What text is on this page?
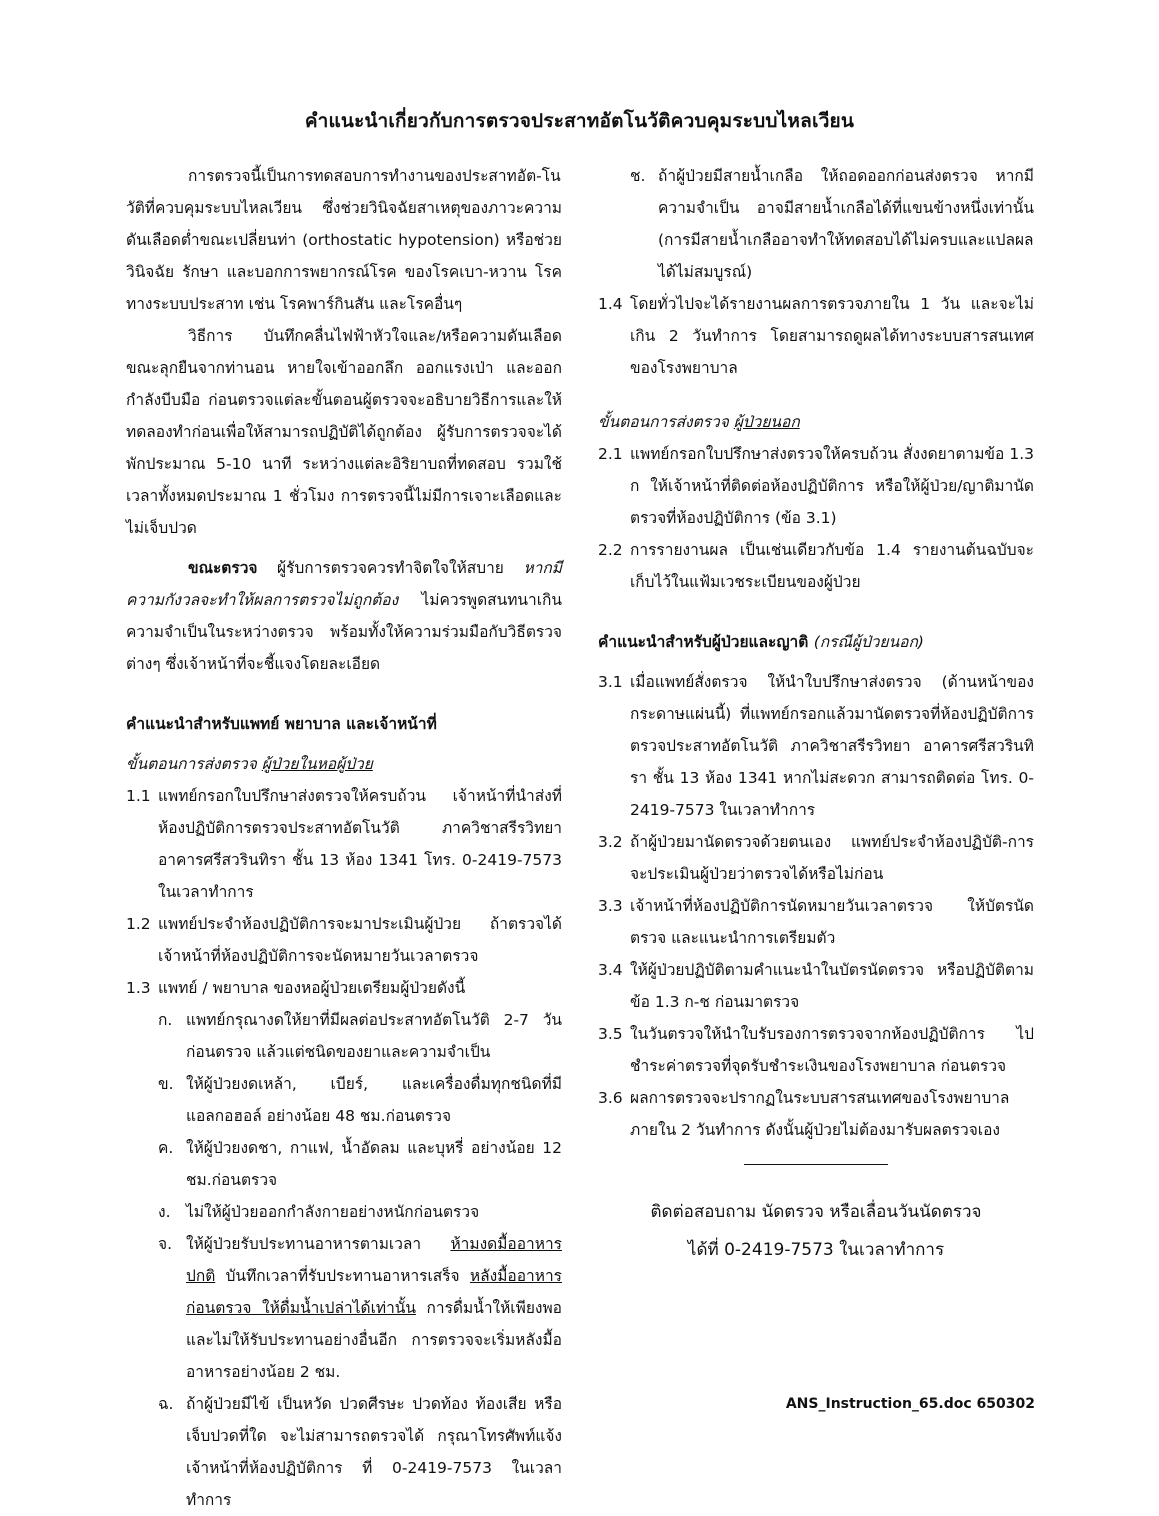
คำแนะนำเกี่ยวกับการตรวจประสาทอัตโนวัติควบคุมระบบไหลเวียน

การตรวจนี้เป็นการทดสอบการทำงานของประสาทอัต-โนวัติที่ควบคุมระบบไหลเวียน ซึ่งช่วยวินิจฉัยสาเหตุของภาวะความดันเลือดต่ำขณะเปลี่ยนท่า (orthostatic hypotension) หรือช่วยวินิจฉัย รักษา และบอกการพยากรณ์โรค ของโรคเบา-หวาน โรคทางระบบประสาท เช่น โรคพาร์กินสัน และโรคอื่นๆ

วิธีการ บันทึกคลื่นไฟฟ้าหัวใจและ/หรือความดันเลือดขณะลุกยืนจากท่านอน หายใจเข้าออกลึก ออกแรงเป่า และออกกำลังบีบมือ ก่อนตรวจแต่ละขั้นตอนผู้ตรวจจะอธิบายวิธีการและให้ทดลองทำก่อนเพื่อให้สามารถปฏิบัติได้ถูกต้อง ผู้รับการตรวจจะได้พักประมาณ 5-10 นาที ระหว่างแต่ละอิริยาบถที่ทดสอบ รวมใช้เวลาทั้งหมดประมาณ 1 ชั่วโมง การตรวจนี้ไม่มีการเจาะเลือดและไม่เจ็บปวด

ขณะตรวจ ผู้รับการตรวจควรทำจิตใจให้สบาย หากมีความกังวลจะทำให้ผลการตรวจไม่ถูกต้อง ไม่ควรพูดสนทนาเกินความจำเป็นในระหว่างตรวจ พร้อมทั้งให้ความร่วมมือกับวิธีตรวจต่างๆ ซึ่งเจ้าหน้าที่จะชี้แจงโดยละเอียด

คำแนะนำสำหรับแพทย์ พยาบาล และเจ้าหน้าที่

ขั้นตอนการส่งตรวจ ผู้ป่วยในหอผู้ป่วย

1.1 แพทย์กรอกใบปรึกษาส่งตรวจให้ครบถ้วน เจ้าหน้าที่นำส่งที่ห้องปฏิบัติการตรวจประสาทอัตโนวัติ ภาควิชาสรีรวิทยา อาคารศรีสวรินทิรา ชั้น 13 ห้อง 1341 โทร. 0-2419-7573 ในเวลาทำการ
1.2 แพทย์ประจำห้องปฏิบัติการจะมาประเมินผู้ป่วย ถ้าตรวจได้ เจ้าหน้าที่ห้องปฏิบัติการจะนัดหมายวันเวลาตรวจ
1.3 แพทย์ / พยาบาล ของหอผู้ป่วยเตรียมผู้ป่วยดังนี้
ก. แพทย์กรุณางดให้ยาที่มีผลต่อประสาทอัตโนวัติ 2-7 วัน ก่อนตรวจ แล้วแต่ชนิดของยาและความจำเป็น
ข. ให้ผู้ป่วยงดเหล้า, เบียร์, และเครื่องดื่มทุกชนิดที่มีแอลกอฮอล์ อย่างน้อย 48 ชม.ก่อนตรวจ
ค. ให้ผู้ป่วยงดชา, กาแฟ, น้ำอัดลม และบุหรี่ อย่างน้อย 12 ชม.ก่อนตรวจ
ง. ไม่ให้ผู้ป่วยออกกำลังกายอย่างหนักก่อนตรวจ
จ. ให้ผู้ป่วยรับประทานอาหารตามเวลา ห้ามงดมื้ออาหารปกติ บันทึกเวลาที่รับประทานอาหารเสร็จ หลังมื้ออาหารก่อนตรวจ ให้ดื่มน้ำเปล่าได้เท่านั้น การดื่มน้ำให้เพียงพอ และไม่ให้รับประทานอย่างอื่นอีก การตรวจจะเริ่มหลังมื้ออาหารอย่างน้อย 2 ชม.
ฉ. ถ้าผู้ป่วยมีไข้ เป็นหวัด ปวดศีรษะ ปวดท้อง ท้องเสีย หรือเจ็บปวดที่ใด จะไม่สามารถตรวจได้ กรุณาโทรศัพท์แจ้งเจ้าหน้าที่ห้องปฏิบัติการ ที่ 0-2419-7573 ในเวลาทำการ
ช. ถ้าผู้ป่วยมีสายน้ำเกลือ ให้ถอดออกก่อนส่งตรวจ หากมีความจำเป็น อาจมีสายน้ำเกลือได้ที่แขนข้างหนึ่งเท่านั้น (การมีสายน้ำเกลืออาจทำให้ทดสอบได้ไม่ครบและแปลผลได้ไม่สมบูรณ์)
1.4 โดยทั่วไปจะได้รายงานผลการตรวจภายใน 1 วัน และจะไม่เกิน 2 วันทำการ โดยสามารถดูผลได้ทางระบบสารสนเทศของโรงพยาบาล

ขั้นตอนการส่งตรวจ ผู้ป่วยนอก

2.1 แพทย์กรอกใบปรึกษาส่งตรวจให้ครบถ้วน สั่งงดยาตามข้อ 1.3 ก ให้เจ้าหน้าที่ติดต่อห้องปฏิบัติการ หรือให้ผู้ป่วย/ญาติมานัดตรวจที่ห้องปฏิบัติการ (ข้อ 3.1)
2.2 การรายงานผล เป็นเช่นเดียวกับข้อ 1.4 รายงานต้นฉบับจะเก็บไว้ในแฟ้มเวชระเบียนของผู้ป่วย

คำแนะนำสำหรับผู้ป่วยและญาติ (กรณีผู้ป่วยนอก)

3.1 เมื่อแพทย์สั่งตรวจ ให้นำใบปรึกษาส่งตรวจ (ด้านหน้าของกระดาษแผ่นนี้) ที่แพทย์กรอกแล้วมานัดตรวจที่ห้องปฏิบัติการตรวจประสาทอัตโนวัติ ภาควิชาสรีรวิทยา อาคารศรีสวรินทิรา ชั้น 13 ห้อง 1341 หากไม่สะดวก สามารถติดต่อ โทร. 0-2419-7573 ในเวลาทำการ
3.2 ถ้าผู้ป่วยมานัดตรวจด้วยตนเอง แพทย์ประจำห้องปฏิบัติ-การจะประเมินผู้ป่วยว่าตรวจได้หรือไม่ก่อน
3.3 เจ้าหน้าที่ห้องปฏิบัติการนัดหมายวันเวลาตรวจ ให้บัตรนัดตรวจ และแนะนำการเตรียมตัว
3.4 ให้ผู้ป่วยปฏิบัติตามคำแนะนำในบัตรนัดตรวจ หรือปฏิบัติตามข้อ 1.3 ก-ช ก่อนมาตรวจ
3.5 ในวันตรวจให้นำใบรับรองการตรวจจากห้องปฏิบัติการ ไปชำระค่าตรวจที่จุดรับชำระเงินของโรงพยาบาล ก่อนตรวจ
3.6 ผลการตรวจจะปรากฏในระบบสารสนเทศของโรงพยาบาล ภายใน 2 วันทำการ ดังนั้นผู้ป่วยไม่ต้องมารับผลตรวจเอง

ติดต่อสอบถาม นัดตรวจ หรือเลื่อนวันนัดตรวจ

ได้ที่ 0-2419-7573 ในเวลาทำการ

ANS_Instruction_65.doc 650302
